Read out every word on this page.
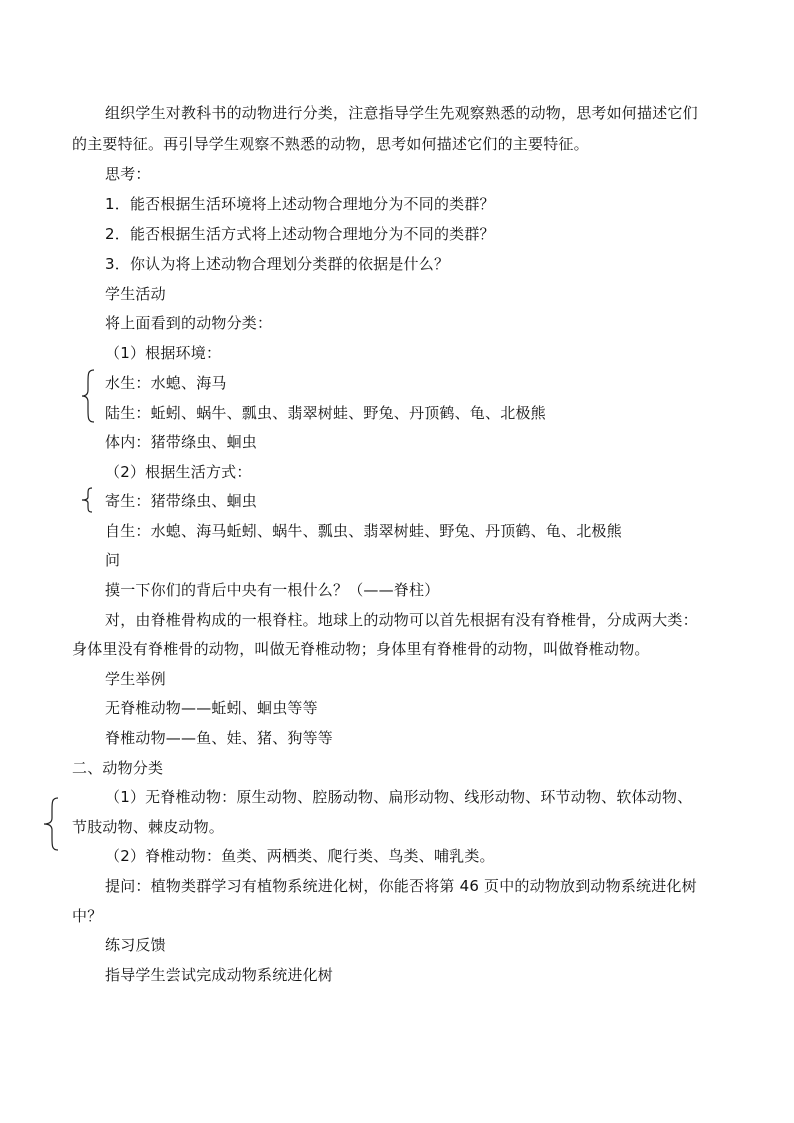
组织学生对教科书的动物进行分类，注意指导学生先观察熟悉的动物，思考如何描述它们
的主要特征。再引导学生观察不熟悉的动物，思考如何描述它们的主要特征。
思考：
1．能否根据生活环境将上述动物合理地分为不同的类群？
2．能否根据生活方式将上述动物合理地分为不同的类群？
3．你认为将上述动物合理划分类群的依据是什么？
学生活动
将上面看到的动物分类：
（1）根据环境：
水生：水螅、海马
陆生：蚯蚓、蜗牛、瓢虫、翡翠树蛙、野兔、丹顶鹤、龟、北极熊
体内：猪带绦虫、蛔虫
（2）根据生活方式：
寄生：猪带绦虫、蛔虫
自生：水螅、海马蚯蚓、蜗牛、瓢虫、翡翠树蛙、野兔、丹顶鹤、龟、北极熊
问
摸一下你们的背后中央有一根什么？（——脊柱）
对，由脊椎骨构成的一根脊柱。地球上的动物可以首先根据有没有脊椎骨，分成两大类：
身体里没有脊椎骨的动物，叫做无脊椎动物；身体里有脊椎骨的动物，叫做脊椎动物。
学生举例
无脊椎动物——蚯蚓、蛔虫等等
脊椎动物——鱼、娃、猪、狗等等
二、动物分类
（1）无脊椎动物：原生动物、腔肠动物、扁形动物、线形动物、环节动物、软体动物、
节肢动物、棘皮动物。
（2）脊椎动物：鱼类、两栖类、爬行类、鸟类、哺乳类。
提问：植物类群学习有植物系统进化树，你能否将第 46 页中的动物放到动物系统进化树
中？
练习反馈
指导学生尝试完成动物系统进化树
